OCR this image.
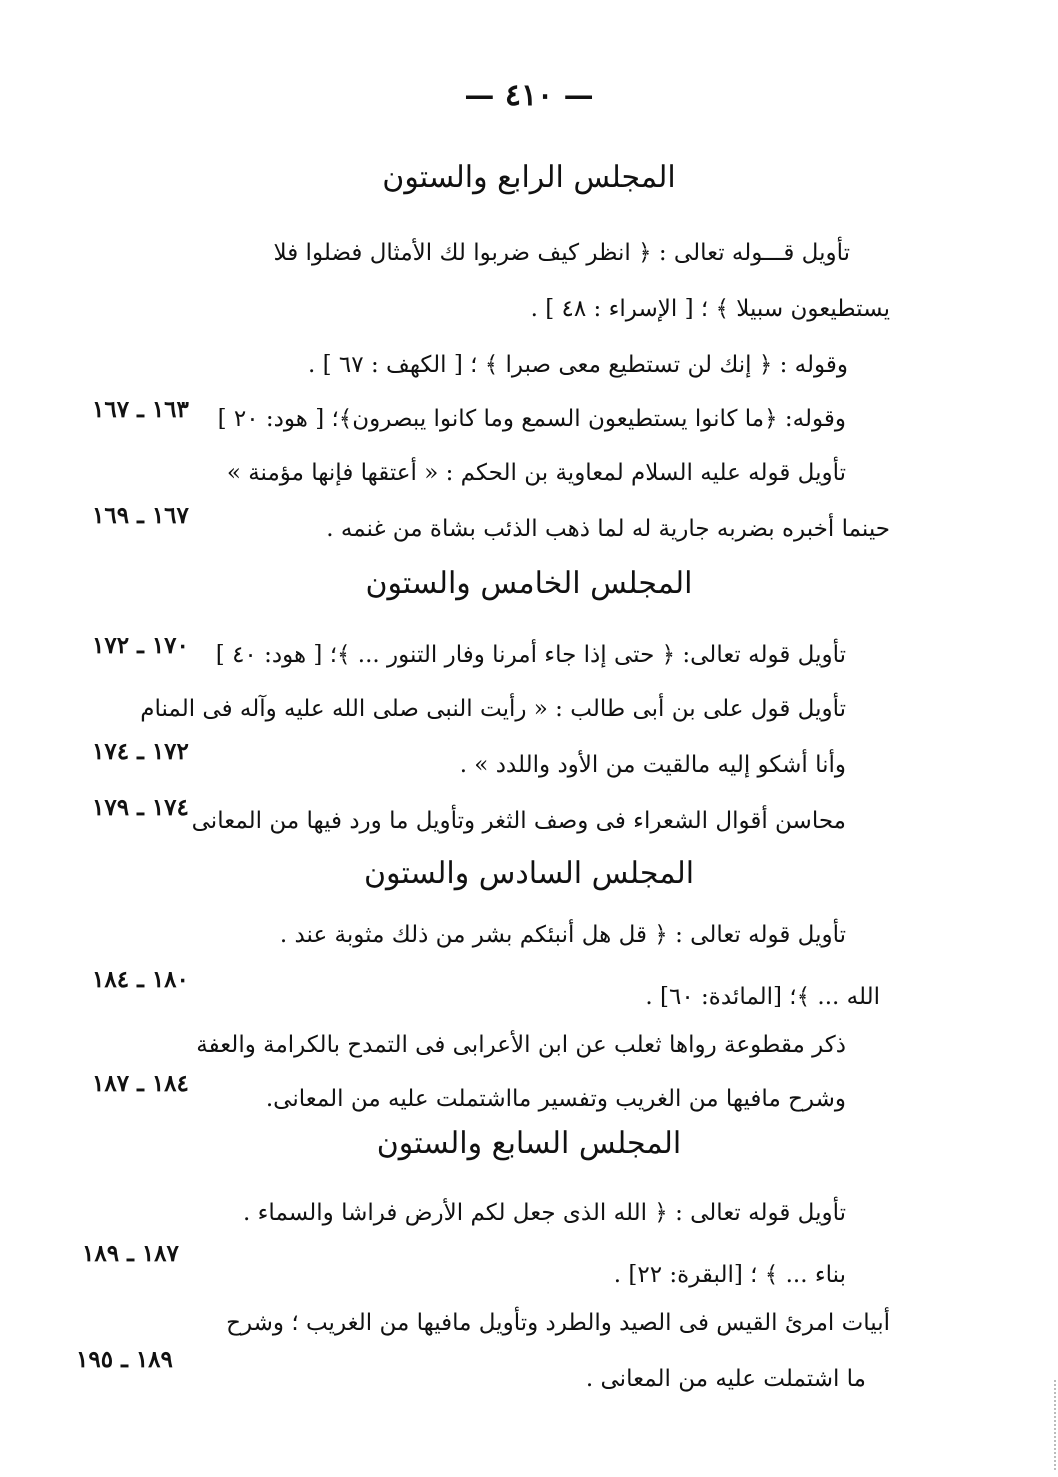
— ٤١٠ —
المجلس الرابع والستون
تأويل قـــوله تعالى : ﴿ انظر كيف ضربوا لك الأمثال فضلوا فلا
يستطيعون سبيلا ﴾ ؛ [ الإسراء : ٤٨ ] .
وقوله : ﴿ إنك لن تستطيع معى صبرا ﴾ ؛ [ الكهف : ٦٧ ] .
وقوله: ﴿ما كانوا يستطيعون السمع وما كانوا يبصرون﴾؛ [ هود: ٢٠ ]
١٦٣ ـ ١٦٧
تأويل قوله عليه السلام لمعاوية بن الحكم : « أعتقها فإنها مؤمنة »
حينما أخبره بضربه جارية له لما ذهب الذئب بشاة من غنمه .
١٦٧ ـ ١٦٩
المجلس الخامس والستون
تأويل قوله تعالى: ﴿ حتى إذا جاء أمرنا وفار التنور ... ﴾؛ [ هود: ٤٠ ]
١٧٠ ـ ١٧٢
تأويل قول على بن أبى طالب : « رأيت النبى صلى الله عليه وآله فى المنام
وأنا أشكو إليه مالقيت من الأود واللدد » .
١٧٢ ـ ١٧٤
محاسن أقوال الشعراء فى وصف الثغر وتأويل ما ورد فيها من المعانى
١٧٤ ـ ١٧٩
المجلس السادس والستون
تأويل قوله تعالى : ﴿ قل هل أنبئكم بشر من ذلك مثوبة عند .
الله ... ﴾؛ [المائدة: ٦٠] .
١٨٠ ـ ١٨٤
ذكر مقطوعة رواها ثعلب عن ابن الأعرابى فى التمدح بالكرامة والعفة
وشرح مافيها من الغريب وتفسير مااشتملت عليه من المعانى.
١٨٤ ـ ١٨٧
المجلس السابع والستون
تأويل قوله تعالى : ﴿ الله الذى جعل لكم الأرض فراشا والسماء .
بناء ... ﴾ ؛ [البقرة: ٢٢] .
١٨٧ ـ ١٨٩
أبيات امرئ القيس فى الصيد والطرد وتأويل مافيها من الغريب ؛ وشرح
ما اشتملت عليه من المعانى .
١٨٩ ـ ١٩٥
